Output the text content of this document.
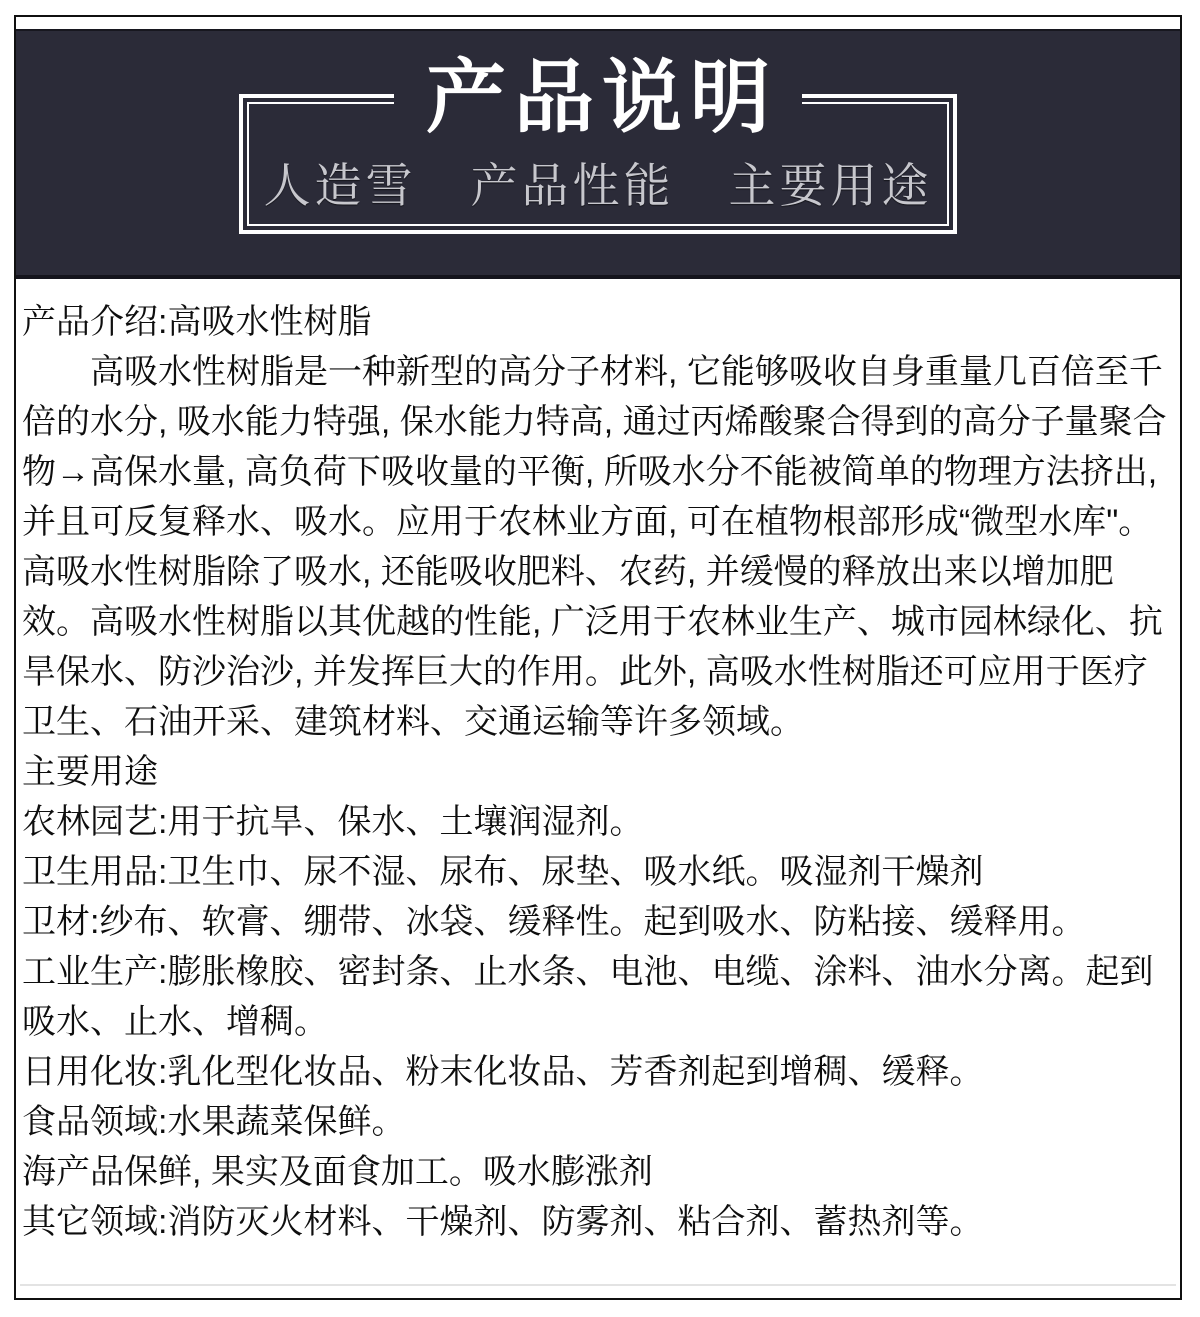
产品说明
人造雪 产品性能 主要用途

产品介绍:高吸水性树脂

高吸水性树脂是一种新型的高分子材料, 它能够吸收自身重量几百倍至千倍的水分, 吸水能力特强, 保水能力特高, 通过丙烯酸聚合得到的高分子量聚合物→高保水量, 高负荷下吸收量的平衡, 所吸水分不能被简单的物理方法挤出, 并且可反复释水、吸水。应用于农林业方面, 可在植物根部形成“微型水库"。高吸水性树脂除了吸水, 还能吸收肥料、农药, 并缓慢的释放出来以增加肥效。高吸水性树脂以其优越的性能, 广泛用于农林业生产、城市园林绿化、抗旱保水、防沙治沙, 并发挥巨大的作用。此外, 高吸水性树脂还可应用于医疗卫生、石油开采、建筑材料、交通运输等许多领域。

主要用途

农林园艺:用于抗旱、保水、土壤润湿剂。

卫生用品:卫生巾、尿不湿、尿布、尿垫、吸水纸。吸湿剂干燥剂

卫材:纱布、软膏、绷带、冰袋、缓释性。起到吸水、防粘接、缓释用。

工业生产:膨胀橡胶、密封条、止水条、电池、电缆、涂料、油水分离。起到吸水、止水、增稠。

日用化妆:乳化型化妆品、粉末化妆品、芳香剂起到增稠、缓释。

食品领域:水果蔬菜保鲜。

海产品保鲜, 果实及面食加工。吸水膨涨剂

其它领域:消防灭火材料、干燥剂、防雾剂、粘合剂、蓄热剂等。
